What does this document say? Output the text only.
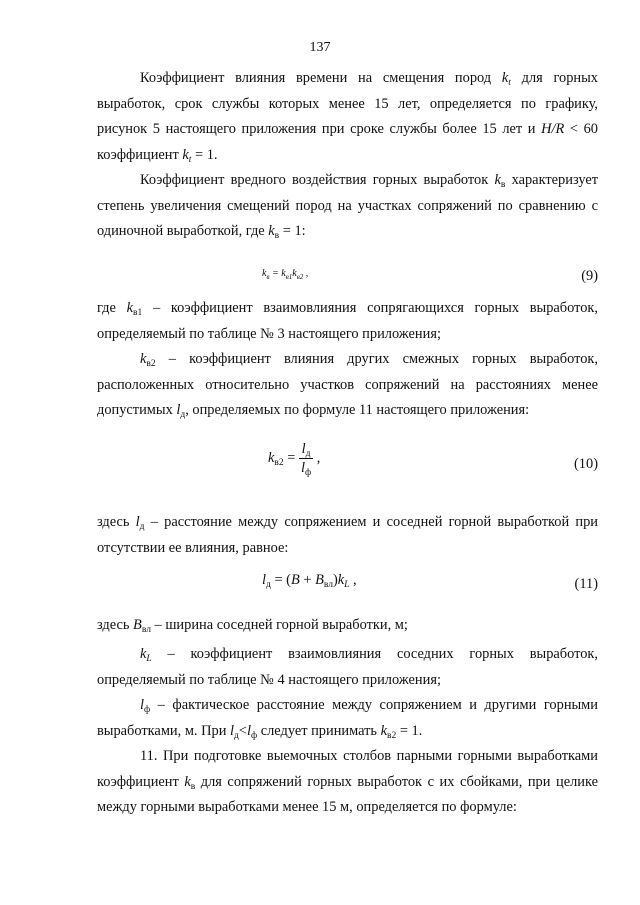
137
Коэффициент влияния времени на смещения пород $k_t$ для горных
выработок, срок службы которых менее 15 лет, определяется по графику,
рисунок 5 настоящего приложения при сроке службы более 15 лет и H/R < 60
коэффициент $k_t = 1$.
Коэффициент вредного воздействия горных выработок $k_в$ характеризует
степень увеличения смещений пород на участках сопряжений по сравнению с
одиночной выработкой, где $k_в = 1$:
$k_в = k_{в1}k_{в2}$ ,	(9)
где $k_{в1}$ – коэффициент взаимовлияния сопрягающихся горных выработок,
определяемый по таблице № 3 настоящего приложения;
$k_{в2}$ – коэффициент влияния других смежных горных выработок,
расположенных относительно участков сопряжений на расстояниях менее
допустимых $l_д$, определяемых по формуле 11 настоящего приложения:
$k_{в2} = \frac{l_д}{l_ф}$ ,	(10)
здесь $l_д$ – расстояние между сопряжением и соседней горной выработкой при
отсутствии ее влияния, равное:
$l_д = (B + B_{вл})k_L$ ,	(11)
здесь $B_{вл}$ – ширина соседней горной выработки, м;
$k_L$ – коэффициент взаимовлияния соседних горных выработок,
определяемый по таблице № 4 настоящего приложения;
$l_ф$ – фактическое расстояние между сопряжением и другими горными
выработками, м. При $l_д<l_ф$ следует принимать $k_{в2} = 1$.
11. При подготовке выемочных столбов парными горными выработками
коэффициент $k_в$ для сопряжений горных выработок с их сбойками, при целике
между горными выработками менее 15 м, определяется по формуле:
